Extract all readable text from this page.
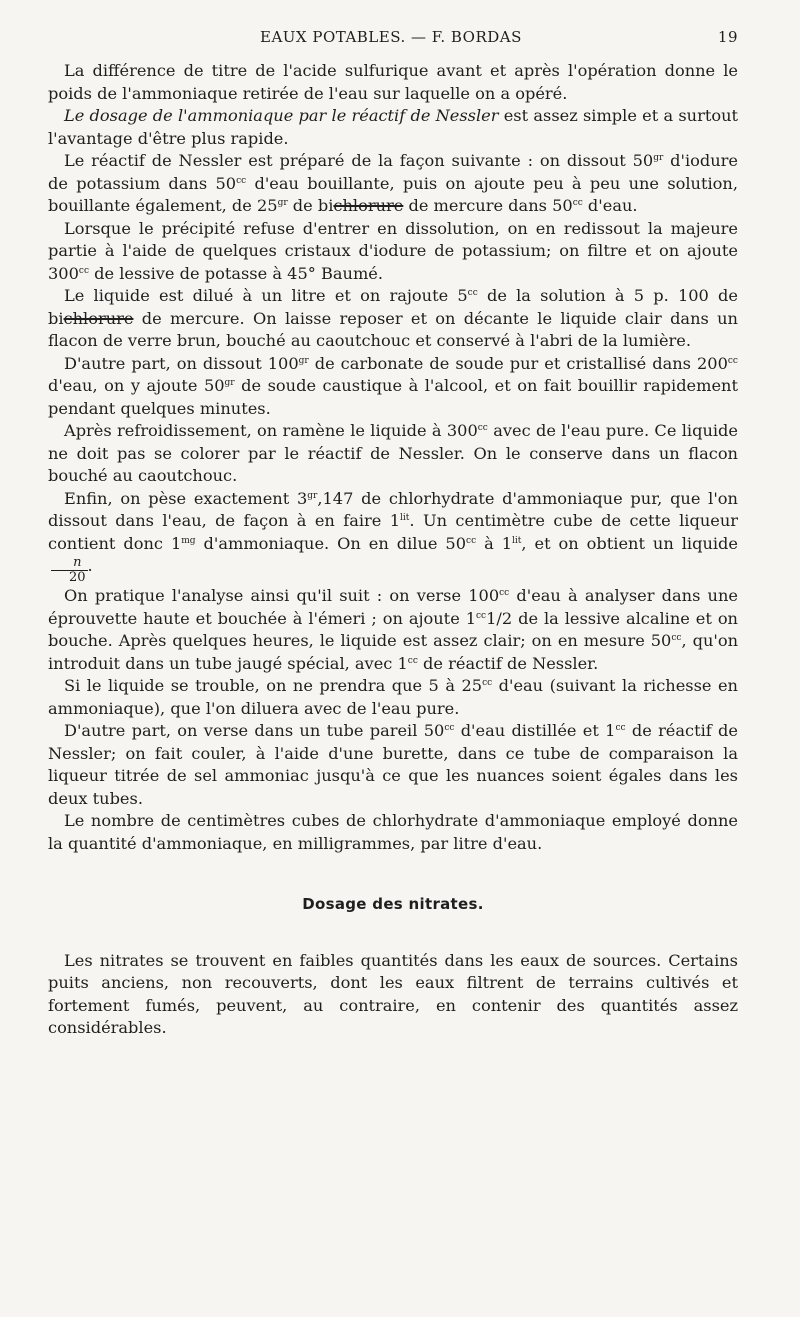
EAUX POTABLES. — F. BORDAS	19

La différence de titre de l'acide sulfurique avant et après l'opération donne le poids de l'ammoniaque retirée de l'eau sur laquelle on a opéré.

Le dosage de l'ammoniaque par le réactif de Nessler est assez simple et a surtout l'avantage d'être plus rapide.

Le réactif de Nessler est préparé de la façon suivante : on dissout $50^{gr}$ d'iodure de potassium dans $50^{cc}$ d'eau bouillante, puis on ajoute peu à peu une solution, bouillante également, de $25^{gr}$ de bichlorure de mercure dans $50^{cc}$ d'eau.

Lorsque le précipité refuse d'entrer en dissolution, on en redissout la majeure partie à l'aide de quelques cristaux d'iodure de potassium; on filtre et on ajoute $300^{cc}$ de lessive de potasse à 45° Baumé.

Le liquide est dilué à un litre et on rajoute $5^{cc}$ de la solution à 5 p. 100 de bichlorure de mercure. On laisse reposer et on décante le liquide clair dans un flacon de verre brun, bouché au caoutchouc et conservé à l'abri de la lumière.

D'autre part, on dissout $100^{gr}$ de carbonate de soude pur et cristallisé dans $200^{cc}$ d'eau, on y ajoute $50^{gr}$ de soude caustique à l'alcool, et on fait bouillir rapidement pendant quelques minutes.

Après refroidissement, on ramène le liquide à $300^{cc}$ avec de l'eau pure. Ce liquide ne doit pas se colorer par le réactif de Nessler. On le conserve dans un flacon bouché au caoutchouc.

Enfin, on pèse exactement $3^{gr},147$ de chlorhydrate d'ammoniaque pur, que l'on dissout dans l'eau, de façon à en faire $1^{lit}$. Un centimètre cube de cette liqueur contient donc $1^{mg}$ d'ammoniaque. On en dilue $50^{cc}$ à $1^{lit}$, et on obtient un liquide
$\frac{n}{20}$ .

On pratique l'analyse ainsi qu'il suit : on verse $100^{cc}$ d'eau à analyser dans une éprouvette haute et bouchée à l'émeri ; on ajoute $1^{cc}1/2$ de la lessive alcaline et on bouche. Après quelques heures, le liquide est assez clair; on en mesure $50^{cc}$, qu'on introduit dans un tube jaugé spécial, avec $1^{cc}$ de réactif de Nessler.

Si le liquide se trouble, on ne prendra que 5 à $25^{cc}$ d'eau (suivant la richesse en ammoniaque), que l'on diluera avec de l'eau pure.

D'autre part, on verse dans un tube pareil $50^{cc}$ d'eau distillée et $1^{cc}$ de réactif de Nessler; on fait couler, à l'aide d'une burette, dans ce tube de comparaison la liqueur titrée de sel ammoniac jusqu'à ce que les nuances soient égales dans les deux tubes.

Le nombre de centimètres cubes de chlorhydrate d'ammoniaque employé donne la quantité d'ammoniaque, en milligrammes, par litre d'eau.

Dosage des nitrates.

Les nitrates se trouvent en faibles quantités dans les eaux de sources. Certains puits anciens, non recouverts, dont les eaux filtrent de terrains cultivés et fortement fumés, peuvent, au contraire, en contenir des quantités assez considérables.
